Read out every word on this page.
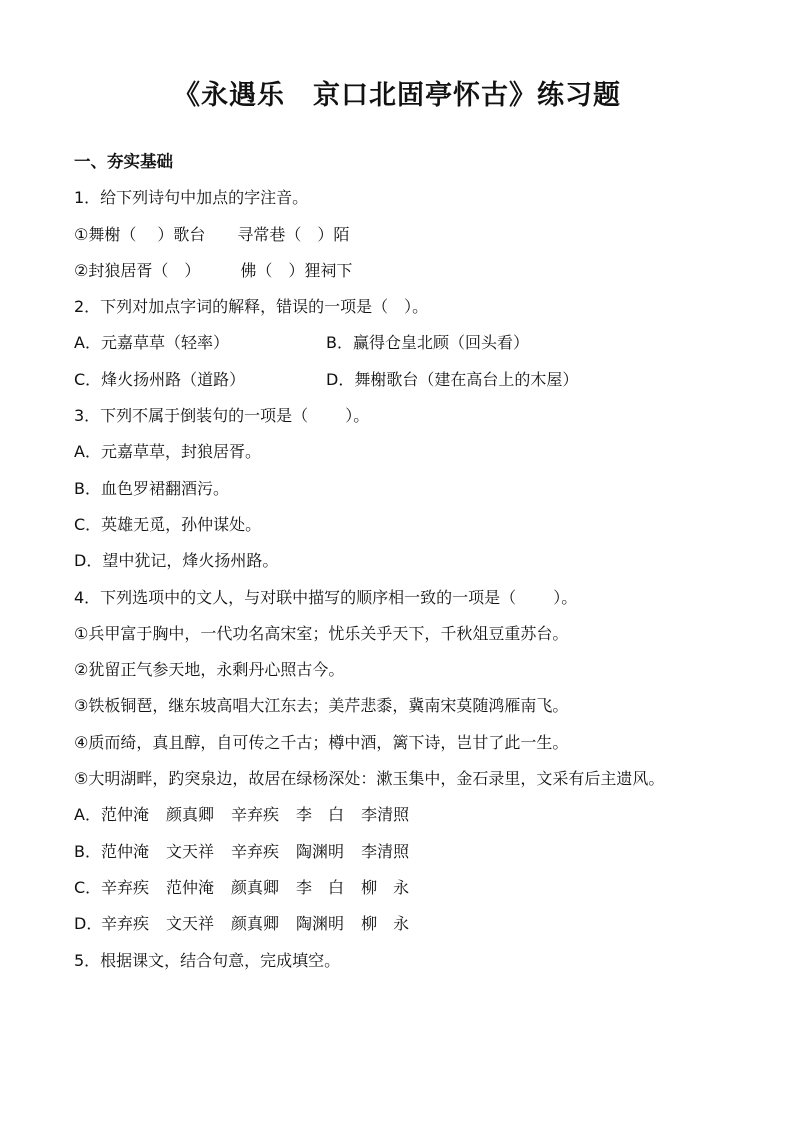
《永遇乐　京口北固亭怀古》练习题
一、夯实基础
1．给下列诗句中加点的字注音。
①舞榭（　 ）歌台　　寻常巷（　）陌
②封狼居胥（　）　　　佛（　）狸祠下
2．下列对加点字词的解释，错误的一项是（　）。
A．元嘉草草（轻率）	B．赢得仓皇北顾（回头看）
C．烽火扬州路（道路）	D．舞榭歌台（建在高台上的木屋）
3．下列不属于倒装句的一项是（　　 ）。
A．元嘉草草，封狼居胥。
B．血色罗裙翻酒污。
C．英雄无觅，孙仲谋处。
D．望中犹记，烽火扬州路。
4．下列选项中的文人，与对联中描写的顺序相一致的一项是（　　 ）。
①兵甲富于胸中，一代功名高宋室；忧乐关乎天下，千秋俎豆重苏台。
②犹留正气参天地，永剩丹心照古今。
③铁板铜琶，继东坡高唱大江东去；美芹悲黍，冀南宋莫随鸿雁南飞。
④质而绮，真且醇，自可传之千古；樽中酒，篱下诗，岂甘了此一生。
⑤大明湖畔，趵突泉边，故居在绿杨深处：漱玉集中，金石录里，文采有后主遗风。
A． 范仲淹 颜真卿 辛弃疾 李　白 李清照
B． 范仲淹 文天祥 辛弃疾 陶渊明 李清照
C． 辛弃疾 范仲淹 颜真卿 李　白 柳　永
D．
辛弃疾 文天祥 颜真卿 陶渊明 柳　永
5．根据课文，结合句意，完成填空。
